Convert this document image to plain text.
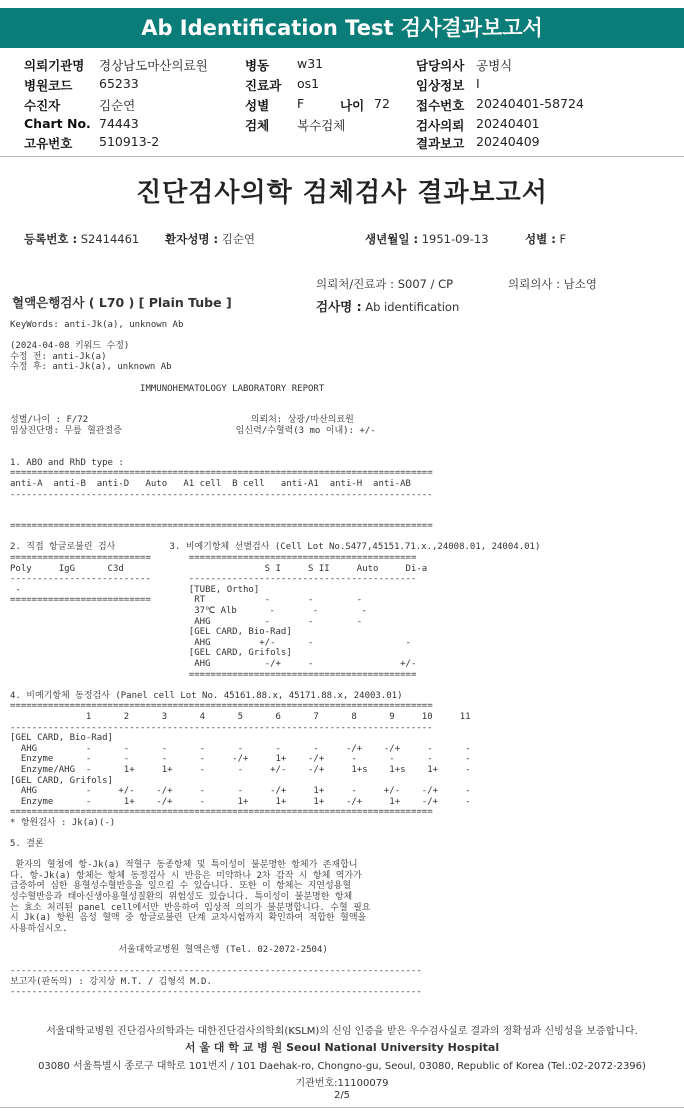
Ab Identification Test 검사결과보고서
의뢰기관명 경상남도마산의료원
병원코드 65233
수진자	김순연
Chart No. 74443
고유번호 510913-2
병동 w31
진료과 os1
성별 F	나이 72
검체 복수검체
담당의사 공병식
임상정보 I
접수번호 20240401-58724
검사의뢰 20240401
결과보고 20240409
진단검사의학 검체검사 결과보고서
등록번호 : S2414461 환자성명 : 김순연	생년월일 : 1951-09-13	성별 : F
의뢰처/진료과 : S007 / CP	의뢰의사 : 남소영
혈액은행검사 ( L70 ) [ Plain Tube ]	검사명 : Ab identification
KeyWords: anti-Jk(a), unknown Ab

(2024-04-08 키워드 수정)
수정 전: anti-Jk(a)
수정 후: anti-Jk(a), unknown Ab

IMMUNOHEMATOLOGY LABORATORY REPORT

성별/나이 : F/72                              의뢰처: 상광/마산의료원
임상진단명: 무릎 혈관절증                     임신력/수혈력(3 mo 이내): +/-

1. ABO and RhD type :
==============================================================================
anti-A  anti-B  anti-D   Auto   A1 cell  B cell   anti-A1  anti-H  anti-AB
------------------------------------------------------------------------------

==============================================================================

2. 직접 항글로불린 검사          3. 비예기항체 선별검사 (Cell Lot No.S477,45151.71.x.,24008.01, 24004.01)
==========================       ==========================================
Poly     IgG      C3d                          S I     S II     Auto     Di-a
--------------------------       ------------------------------------------
-                               [TUBE, Ortho]
==========================        RT           -       -        -
37℃ Alb      -       -        -
AHG          -       -        -
[GEL CARD, Bio-Rad]
AHG         +/-      -                 -
[GEL CARD, Grifols]
AHG          -/+     -                +/-
==========================================

4. 비예기항체 동정검사 (Panel cell Lot No. 45161.88.x, 45171.88.x, 24003.01)
==============================================================================
1      2      3      4      5      6      7      8      9     10     11
------------------------------------------------------------------------------
[GEL CARD, Bio-Rad]
AHG         -      -      -      -      -      -      -     -/+    -/+     -      -
Enzyme      -      -      -      -     -/+     1+    -/+     -      -      -      -
Enzyme/AHG  -      1+     1+     -      -     +/-    -/+     1+s    1+s    1+     -
[GEL CARD, Grifols]
AHG         -     +/-    -/+     -      -     -/+     1+     -     +/-    -/+     -
Enzyme      -      1+    -/+     -      1+     1+     1+    -/+     1+    -/+     -
==============================================================================
* 항원검사 : Jk(a)(-)

5. 결론

환자의 혈청에 항-Jk(a) 적혈구 동종항체 및 특이성이 불분명한 항체가 존재합니
다. 항-Jk(a) 항체는 항체 동정검사 시 반응은 미약하나 2차 감작 시 항체 역가가
급증하여 심한 용혈성수혈반응을 일으킬 수 있습니다. 또한 이 항체는 지연성용혈
성수혈반응과 태아신생아용혈성질환의 위험성도 있습니다. 특이성이 불분명한 항체
는 효소 처리된 panel cell에서만 반응하여 임상적 의의가 불분명합니다. 수혈 필요
시 Jk(a) 항원 음성 혈액 중 항글로불린 단계 교차시험까지 확인하여 적합한 혈액을
사용하십시오.

서울대학교병원 혈액은행 (Tel. 02-2072-2504)

----------------------------------------------------------------------------
보고자(판독의) : 강지상 M.T. / 김형석 M.D.
----------------------------------------------------------------------------
서울대학교병원 진단검사의학과는 대한진단검사의학회(KSLM)의 신임 인증을 받은 우수검사실로 결과의 정확성과 신빙성을 보증합니다.
서 울 대 학 교 병 원 Seoul National University Hospital
03080 서울특별시 종로구 대학로 101번지 / 101 Daehak-ro, Chongno-gu, Seoul, 03080, Republic of Korea (Tel.:02-2072-2396)
기관번호:11100079
2/5
